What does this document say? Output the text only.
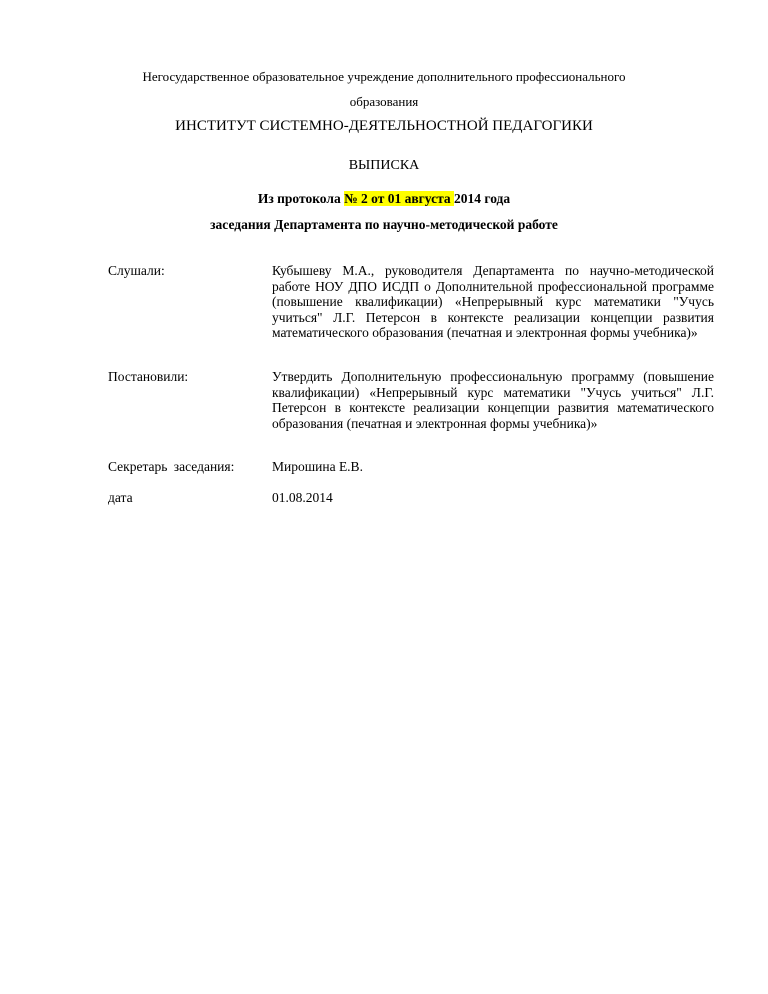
Негосударственное образовательное учреждение дополнительного профессионального
образования
ИНСТИТУТ СИСТЕМНО-ДЕЯТЕЛЬНОСТНОЙ ПЕДАГОГИКИ
ВЫПИСКА
Из протокола № 2 от 01 августа 2014 года
заседания Департамента по научно-методической работе
Слушали:	Кубышеву М.А., руководителя Департамента по научно-методической работе НОУ ДПО ИСДП о Дополнительной профессиональной программе (повышение квалификации) «Непрерывный курс математики "Учусь учиться" Л.Г. Петерсон в контексте реализации концепции развития математического образования (печатная и электронная формы учебника)»
Постановили:	Утвердить Дополнительную профессиональную программу (повышение квалификации) «Непрерывный курс математики "Учусь учиться" Л.Г. Петерсон в контексте реализации концепции развития математического образования (печатная и электронная формы учебника)»
Секретарь заседания:	Мирошина Е.В.
дата	01.08.2014
